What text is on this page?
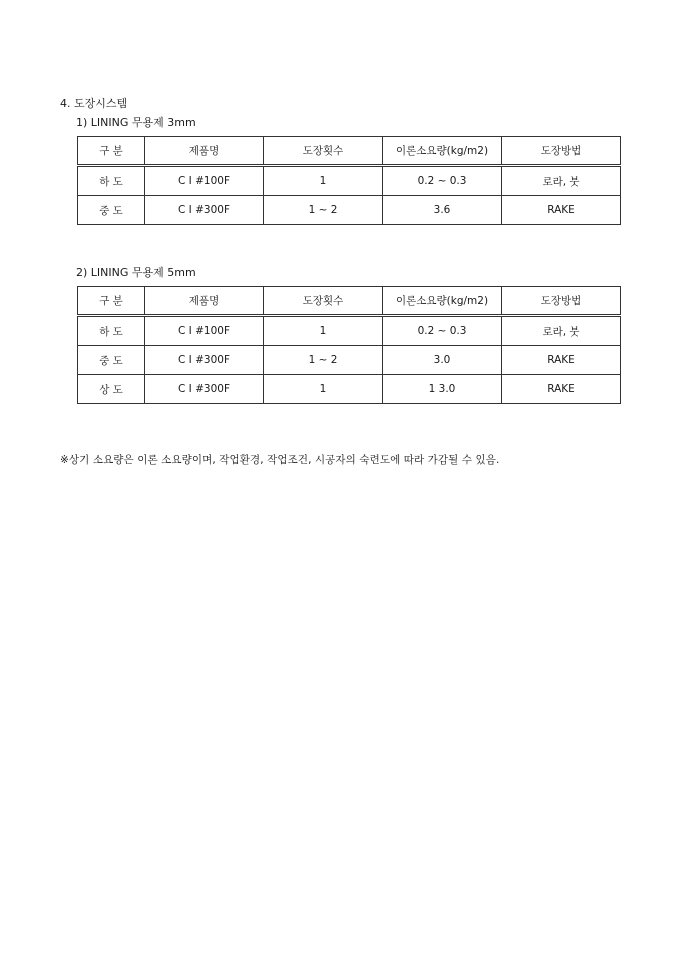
4. 도장시스템
1) LINING 무용제 3mm
구 분	제품명	도장횟수	이론소요량(kg/m2)	도장방법
하 도	C I #100F	1	0.2 ~ 0.3	로라, 붓
중 도	C I #300F	1 ~ 2	3.6	RAKE
2) LINING 무용제 5mm
구 분	제품명	도장횟수	이론소요량(kg/m2)	도장방법
하 도	C I #100F	1	0.2 ~ 0.3	로라, 붓
중 도	C I #300F	1 ~ 2	3.0	RAKE
상 도	C I #300F	1	1 3.0	RAKE
※상기 소요량은 이론 소요량이며, 작업환경, 작업조건, 시공자의 숙련도에 따라 가감될 수 있음.
